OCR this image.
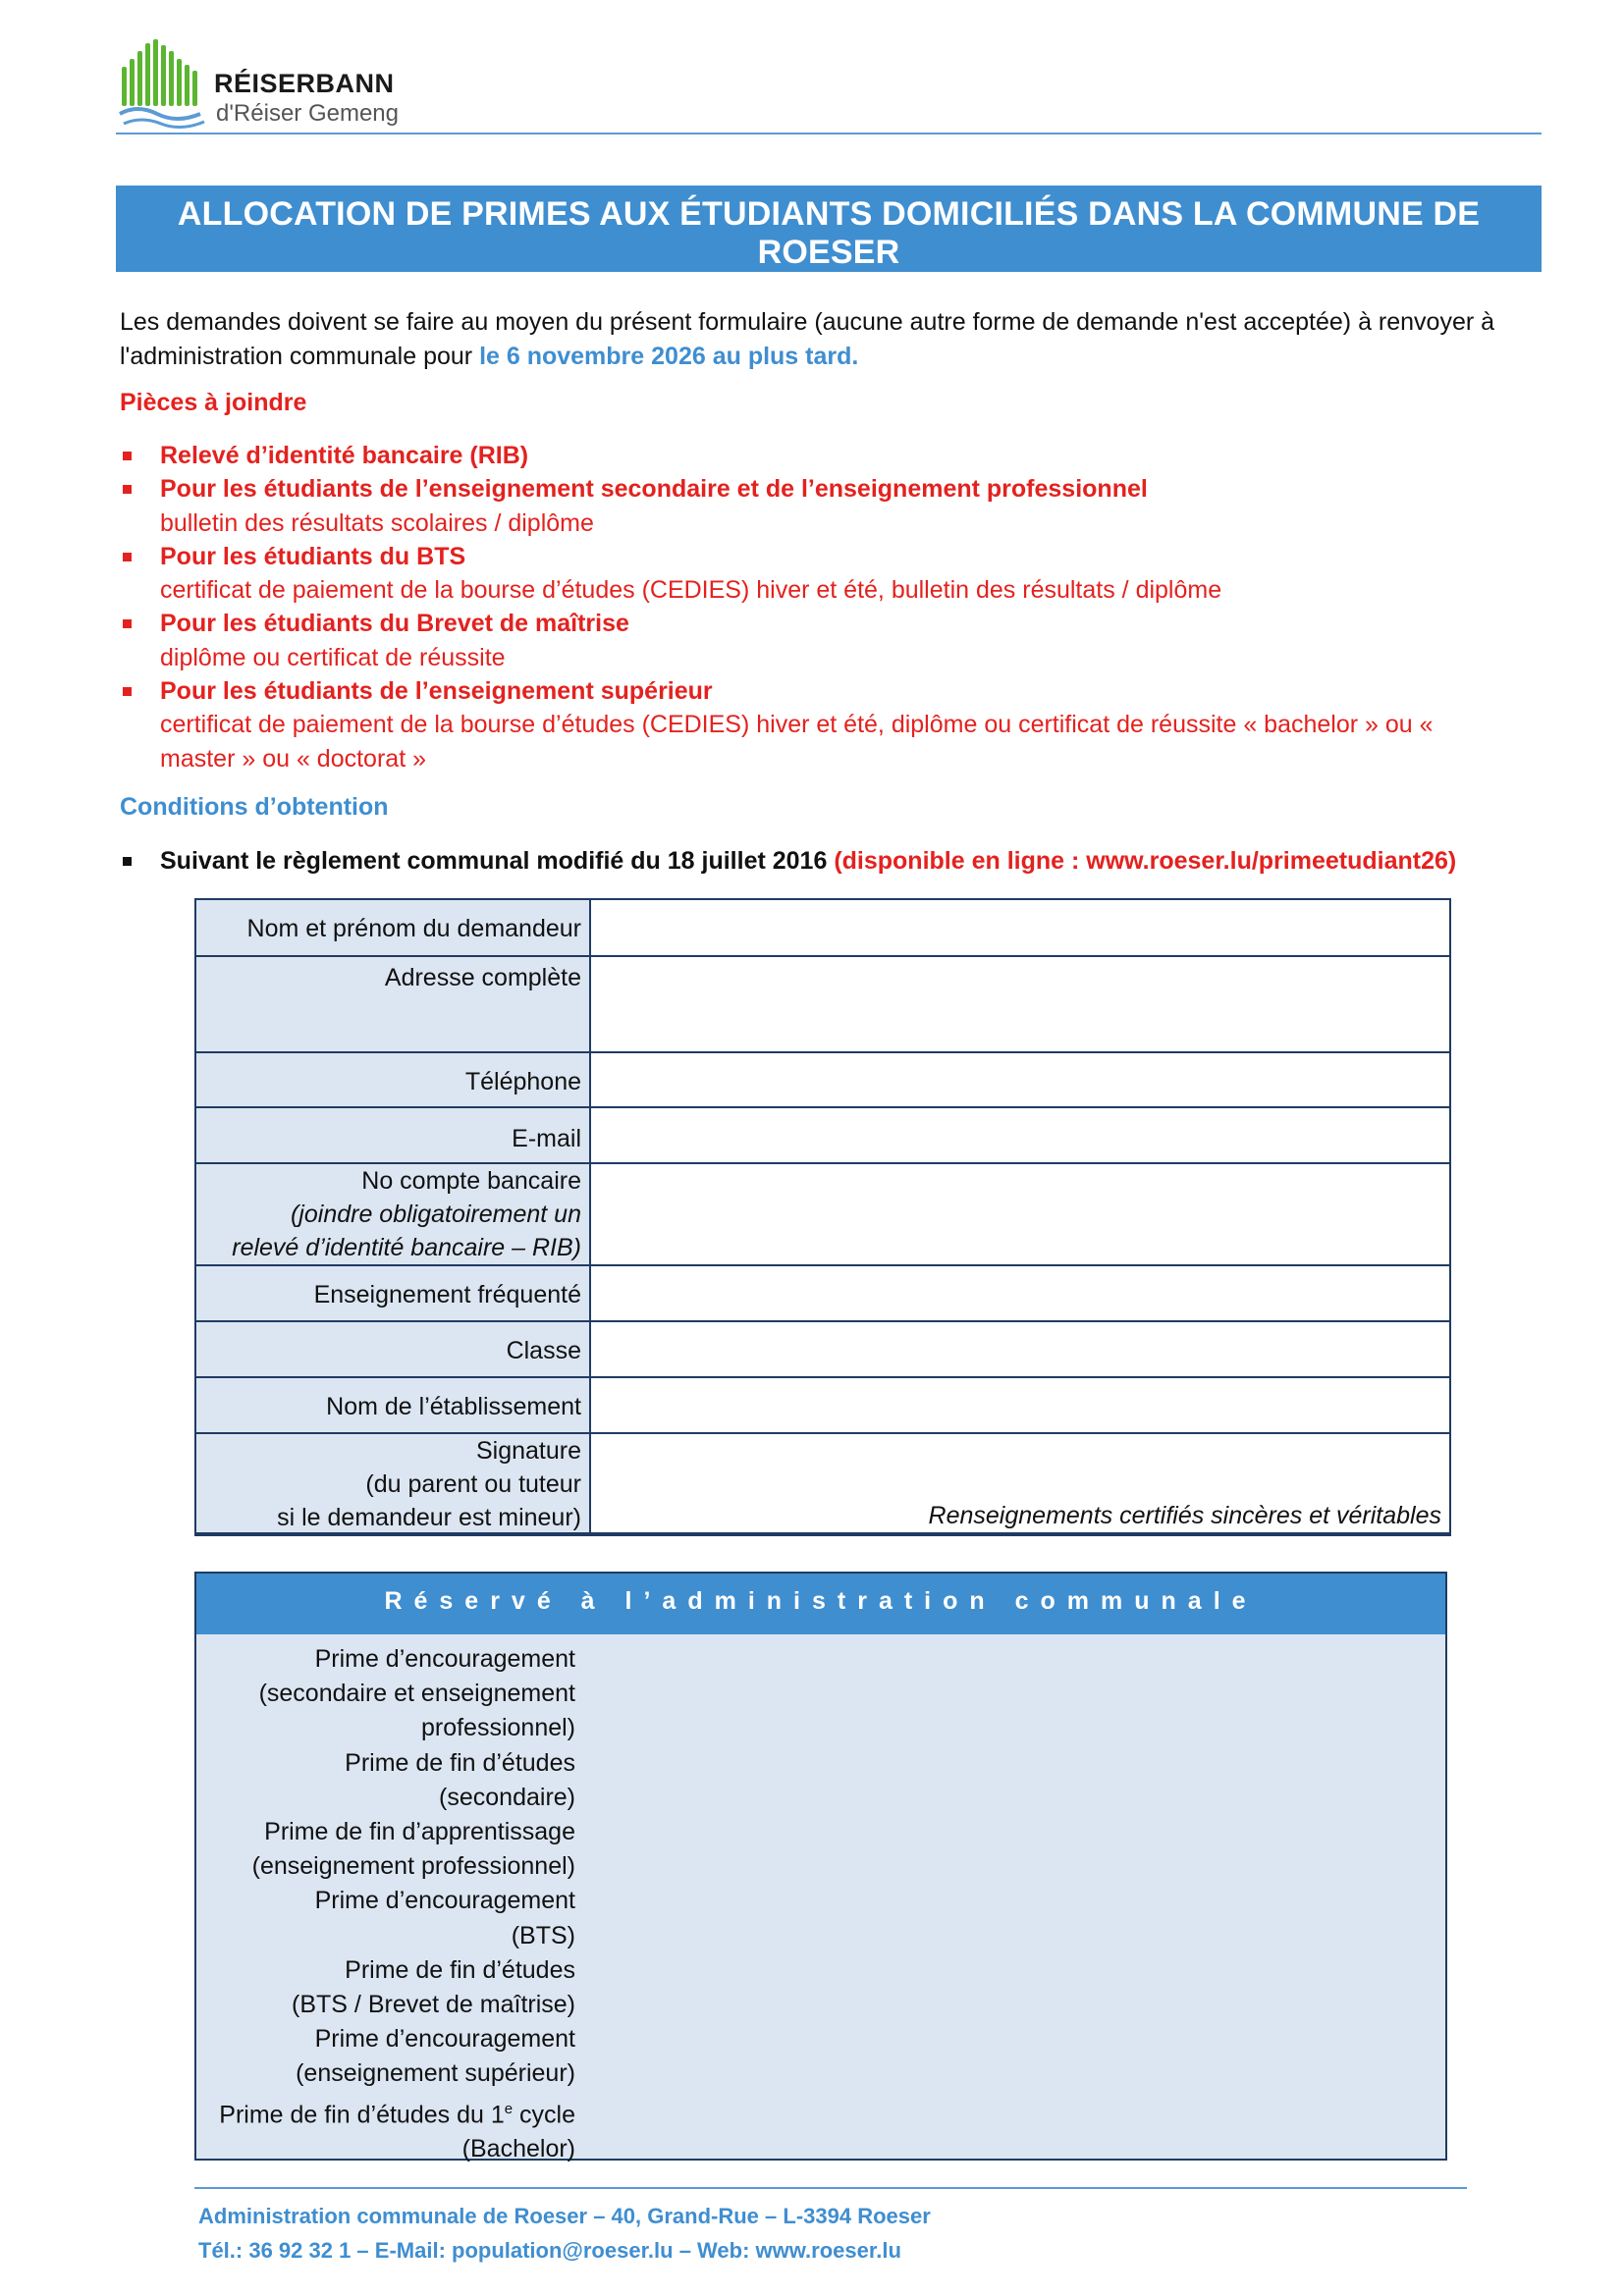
RÉISERBANN
d'Réiser Gemeng
ALLOCATION DE PRIMES AUX ÉTUDIANTS DOMICILIÉS DANS LA COMMUNE DE ROESER
Année scolaire 2025/2026
Les demandes doivent se faire au moyen du présent formulaire (aucune autre forme de demande n'est acceptée) à renvoyer à l'administration communale pour le 6 novembre 2026 au plus tard.
Pièces à joindre
Relevé d’identité bancaire (RIB)
Pour les étudiants de l’enseignement secondaire et de l’enseignement professionnel
bulletin des résultats scolaires / diplôme
Pour les étudiants du BTS
certificat de paiement de la bourse d’études (CEDIES) hiver et été, bulletin des résultats / diplôme
Pour les étudiants du Brevet de maîtrise
diplôme ou certificat de réussite
Pour les étudiants de l’enseignement supérieur
certificat de paiement de la bourse d’études (CEDIES) hiver et été, diplôme ou certificat de réussite « bachelor » ou « master » ou « doctorat »
Conditions d’obtention
Suivant le règlement communal modifié du 18 juillet 2016 (disponible en ligne : www.roeser.lu/primeetudiant26)
Nom et prénom du demandeur
Adresse complète
Téléphone
E-mail
No compte bancaire
(joindre obligatoirement un
relevé d’identité bancaire – RIB)
Enseignement fréquenté
Classe
Nom de l’établissement
Signature
(du parent ou tuteur
si le demandeur est mineur)	Renseignements certifiés sincères et véritables
Réservé à l’administration communale
Prime d’encouragement
(secondaire et enseignement
professionnel)
Prime de fin d’études
(secondaire)
Prime de fin d’apprentissage
(enseignement professionnel)
Prime d’encouragement
(BTS)
Prime de fin d’études
(BTS / Brevet de maîtrise)
Prime d’encouragement
(enseignement supérieur)
Prime de fin d’études du 1e cycle
(Bachelor)
Administration communale de Roeser – 40, Grand-Rue – L-3394 Roeser
Tél.: 36 92 32 1 – E-Mail: population@roeser.lu – Web: www.roeser.lu
